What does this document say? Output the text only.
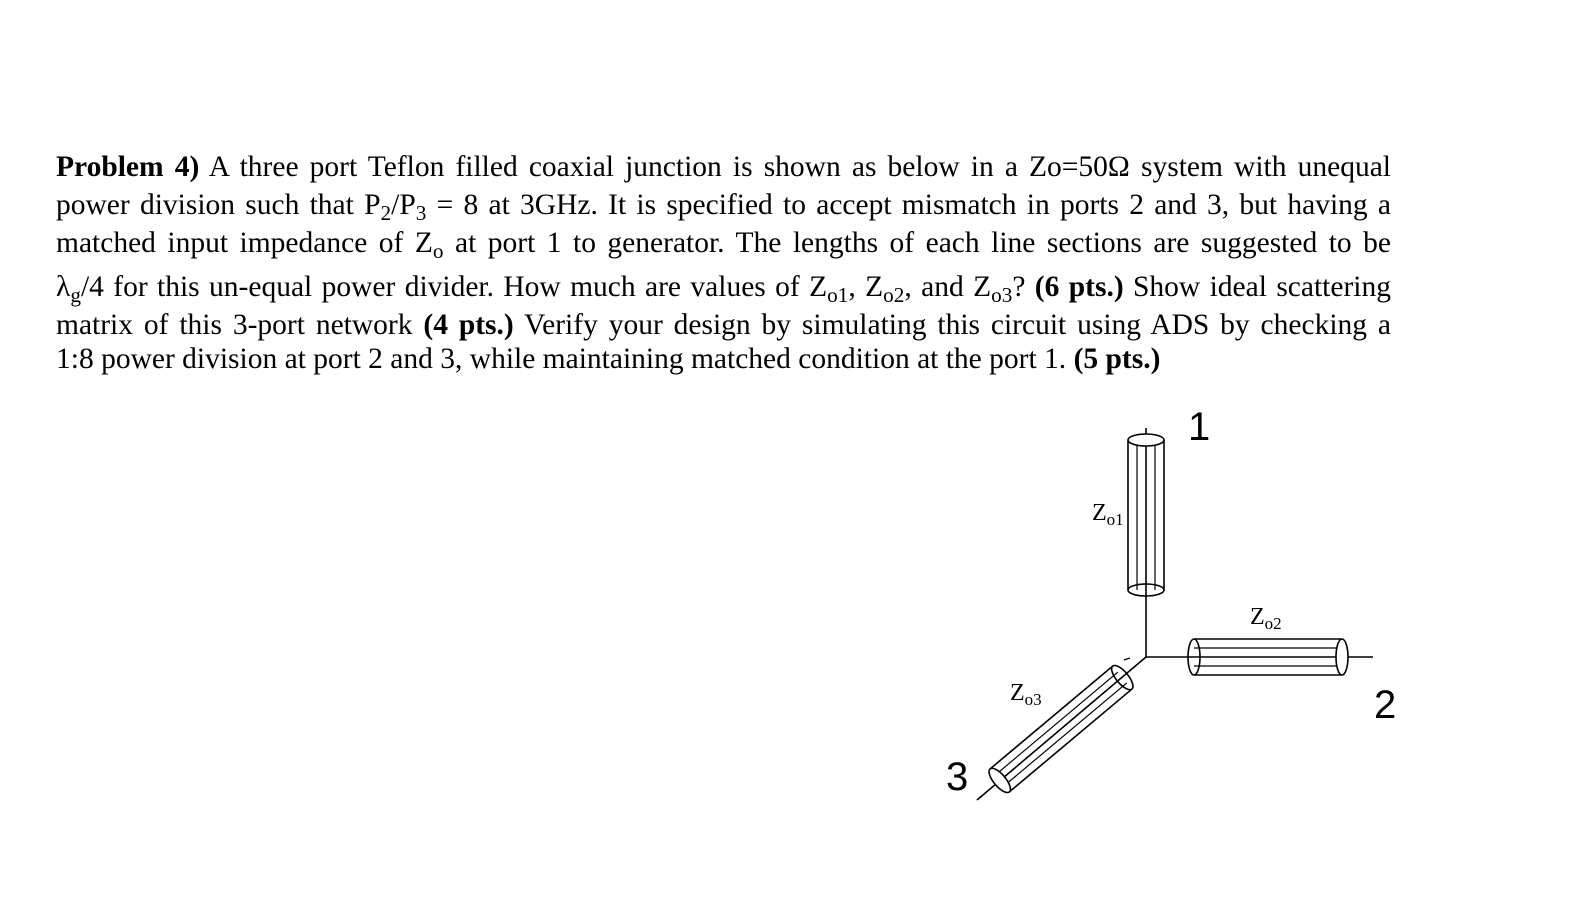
Problem 4) A three port Teflon filled coaxial junction is shown as below in a Zo=50Ω system with unequal
power division such that $P_2/P_3 = 8$ at 3GHz. It is specified to accept mismatch in ports 2 and 3, but having a
matched input impedance of $Z_o$ at port 1 to generator. The lengths of each line sections are suggested to be
$\lambda_g/4$ for this un-equal power divider. How much are values of $Z_{o1}$, $Z_{o2}$, and $Z_{o3}$? (6 pts.) Show ideal scattering
matrix of this 3-port network (4 pts.) Verify your design by simulating this circuit using ADS by checking a
1:8 power division at port 2 and 3, while maintaining matched condition at the port 1. (5 pts.)
1
2
3
$Z_{o1}$
$Z_{o2}$
$Z_{o3}$
